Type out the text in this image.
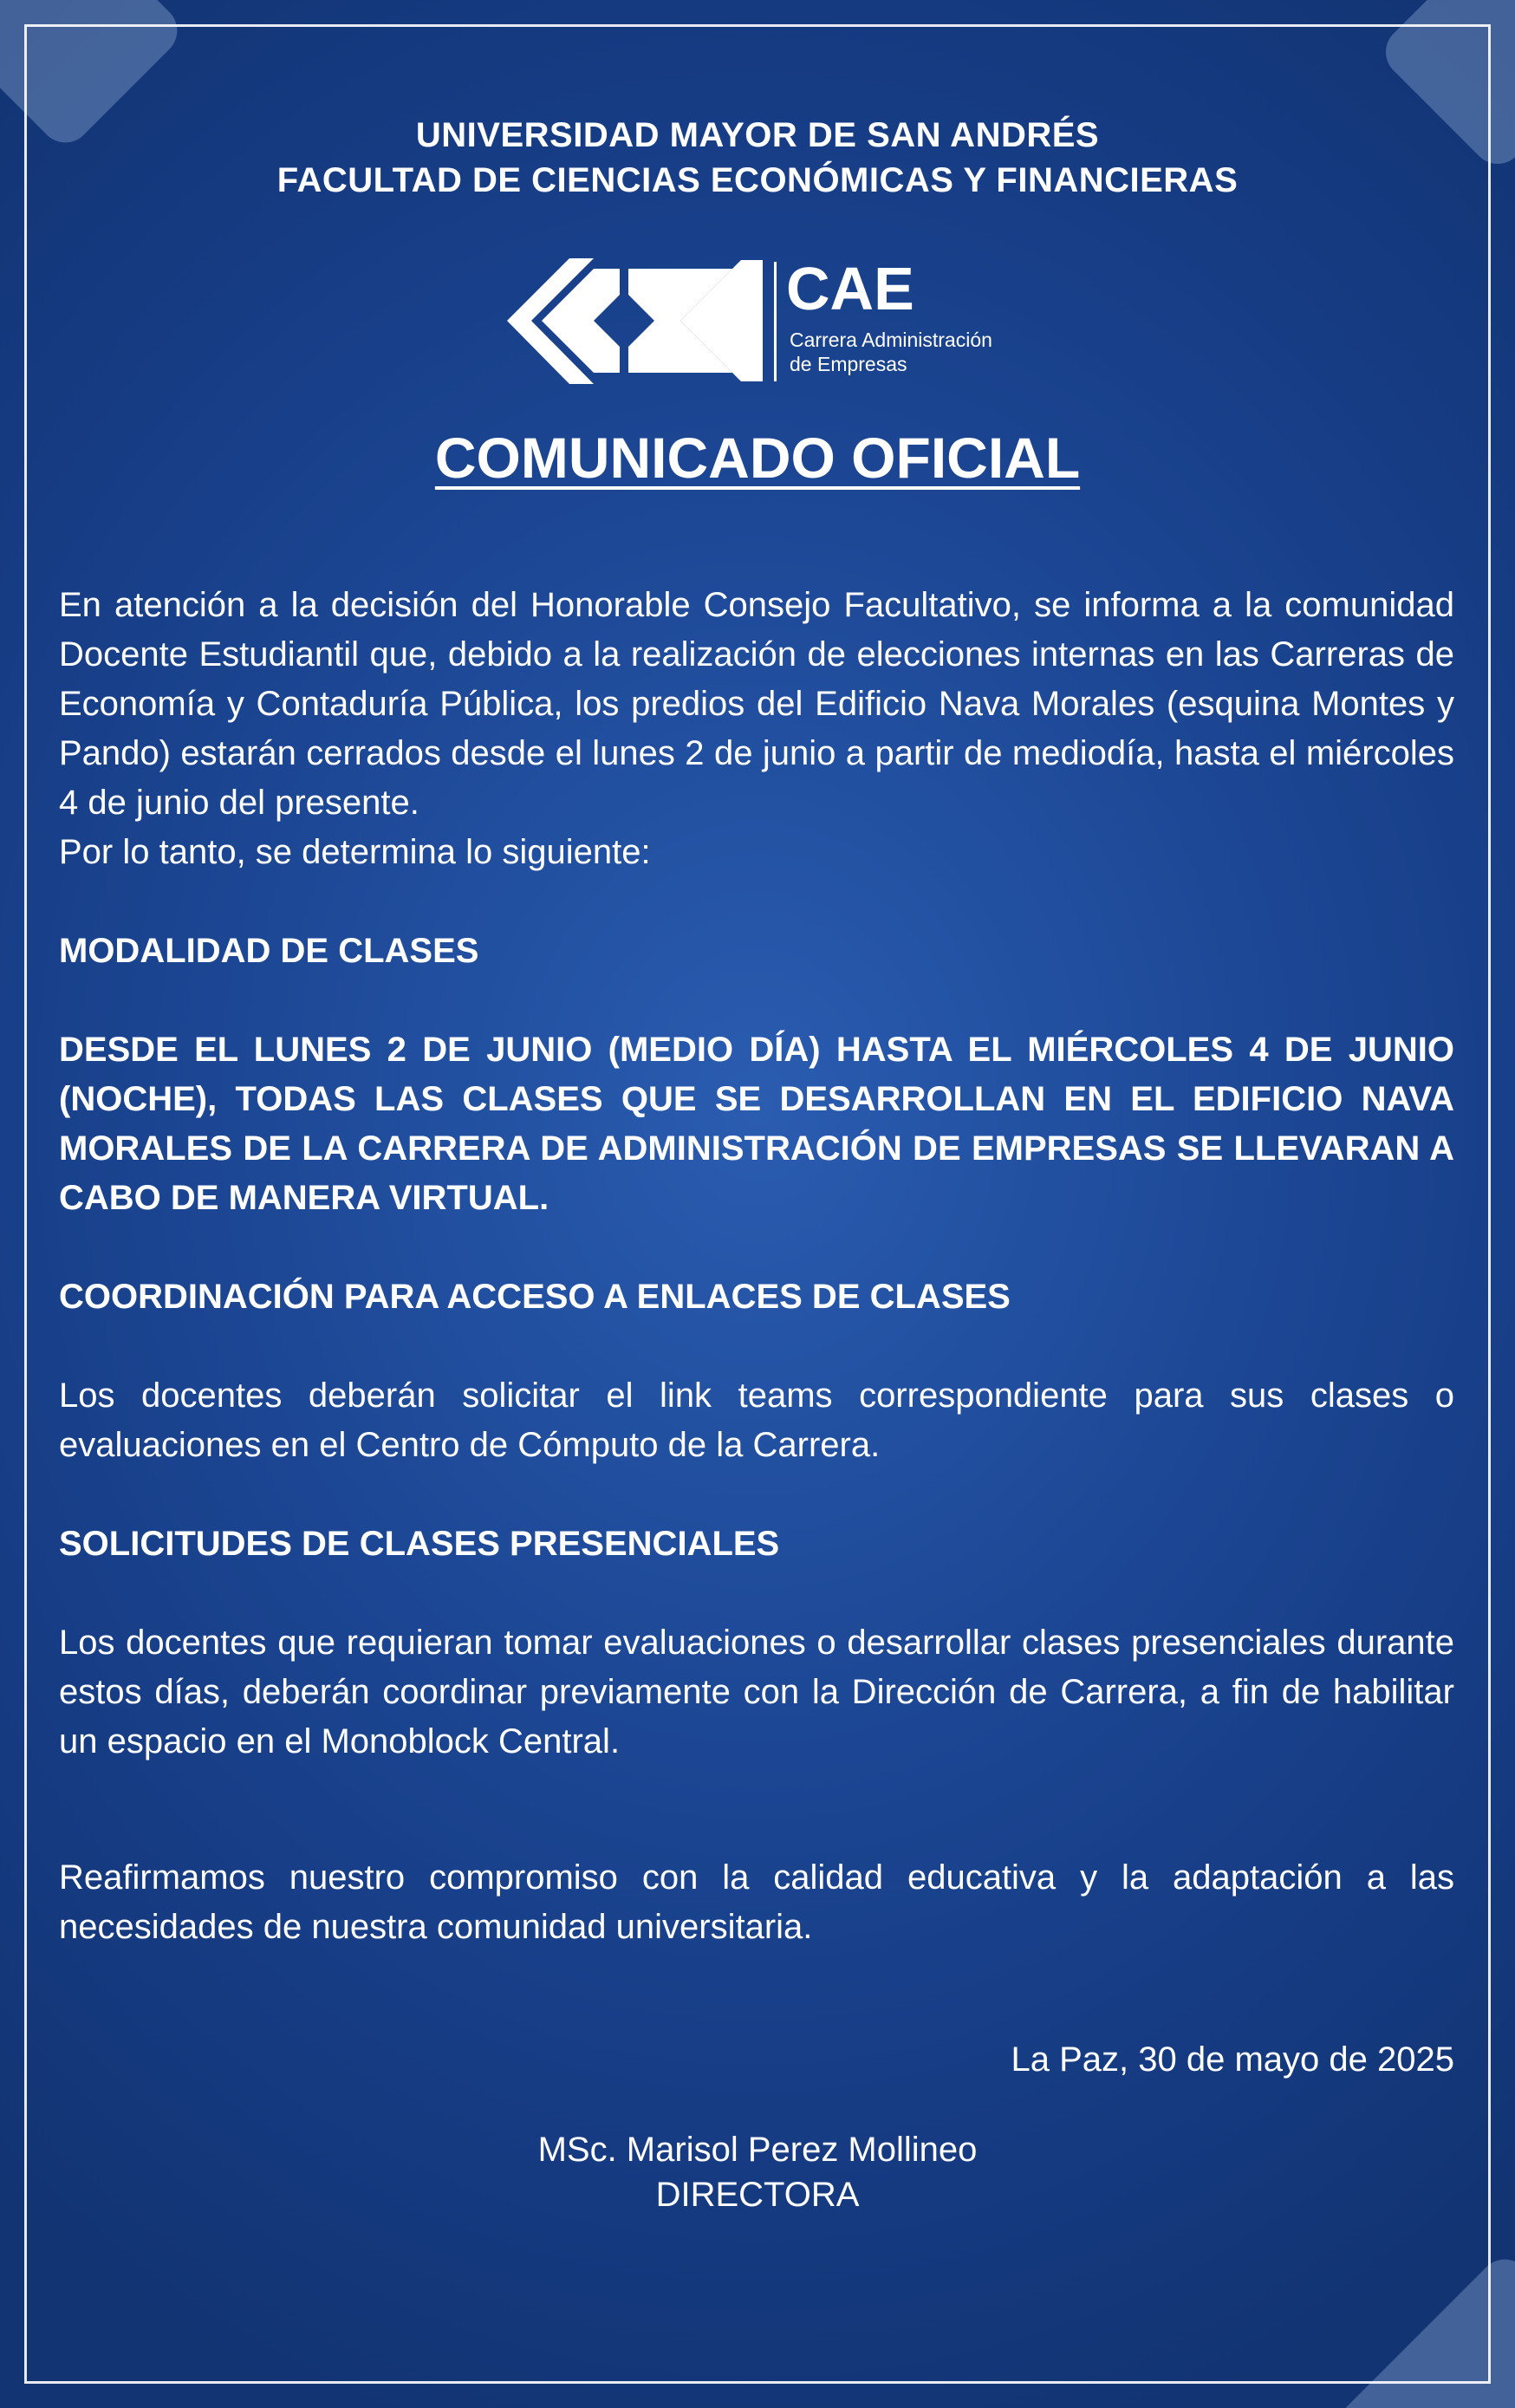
UNIVERSIDAD MAYOR DE SAN ANDRÉS
FACULTAD DE CIENCIAS ECONÓMICAS Y FINANCIERAS
CAE
Carrera Administración
de Empresas
COMUNICADO OFICIAL

En atención a la decisión del Honorable Consejo Facultativo, se informa a la comunidad Docente Estudiantil que, debido a la realización de elecciones internas en las Carreras de Economía y Contaduría Pública, los predios del Edificio Nava Morales (esquina Montes y Pando) estarán cerrados desde el lunes 2 de junio a partir de mediodía, hasta el miércoles 4 de junio del presente.

Por lo tanto, se determina lo siguiente:

MODALIDAD DE CLASES

DESDE EL LUNES 2 DE JUNIO (MEDIO DÍA) HASTA EL MIÉRCOLES 4 DE JUNIO (NOCHE), TODAS LAS CLASES QUE SE DESARROLLAN EN EL EDIFICIO NAVA MORALES DE LA CARRERA DE ADMINISTRACIÓN DE EMPRESAS SE LLEVARAN A CABO DE MANERA VIRTUAL.

COORDINACIÓN PARA ACCESO A ENLACES DE CLASES

Los docentes deberán solicitar el link teams correspondiente para sus clases o evaluaciones en el Centro de Cómputo de la Carrera.

SOLICITUDES DE CLASES PRESENCIALES

Los docentes que requieran tomar evaluaciones o desarrollar clases presenciales durante estos días, deberán coordinar previamente con la Dirección de Carrera, a fin de habilitar un espacio en el Monoblock Central.

Reafirmamos nuestro compromiso con la calidad educativa y la adaptación a las necesidades de nuestra comunidad universitaria.

La Paz, 30 de mayo de 2025
MSc. Marisol Perez Mollineo
DIRECTORA
